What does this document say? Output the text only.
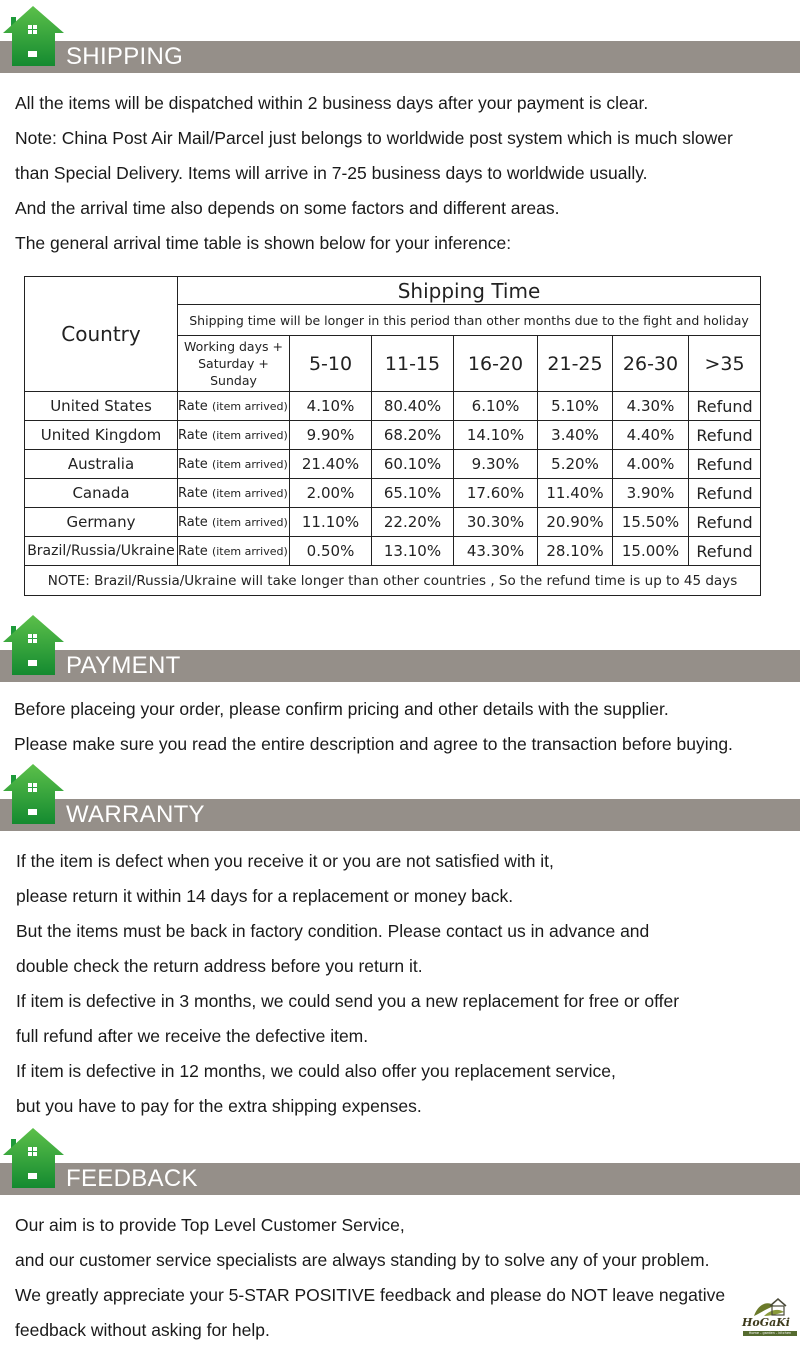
SHIPPING
All the items will be dispatched within 2 business days after your payment is clear.
Note: China Post Air Mail/Parcel just belongs to worldwide post system which is much slower
than Special Delivery. Items will arrive in 7-25 business days to worldwide usually.
And the arrival time also depends on some factors and different areas.
The general arrival time table is shown below for your inference:
Country	Shipping Time						
	Shipping time will be longer in this period than other months due to the fight and holiday						
	Working days + Saturday + Sunday	5-10	11-15	16-20	21-25	26-30	>35
United States	Rate (item arrived)	4.10%	80.40%	6.10%	5.10%	4.30%	Refund
United Kingdom	Rate (item arrived)	9.90%	68.20%	14.10%	3.40%	4.40%	Refund
Australia	Rate (item arrived)	21.40%	60.10%	9.30%	5.20%	4.00%	Refund
Canada	Rate (item arrived)	2.00%	65.10%	17.60%	11.40%	3.90%	Refund
Germany	Rate (item arrived)	11.10%	22.20%	30.30%	20.90%	15.50%	Refund
Brazil/Russia/Ukraine	Rate (item arrived)	0.50%	13.10%	43.30%	28.10%	15.00%	Refund
NOTE: Brazil/Russia/Ukraine will take longer than other countries , So the refund time is up to 45 days							
PAYMENT
Before placeing your order, please confirm pricing and other details with the supplier.
Please make sure you read the entire description and agree to the transaction before buying.
WARRANTY
If the item is defect when you receive it or you are not satisfied with it,
please return it within 14 days for a replacement or money back.
But the items must be back in factory condition. Please contact us in advance and
double check the return address before you return it.
If item is defective in 3 months, we could send you a new replacement for free or offer
full refund after we receive the defective item.
If item is defective in 12 months, we could also offer you replacement service,
but you have to pay for the extra shipping expenses.
FEEDBACK
Our aim is to provide Top Level Customer Service,
and our customer service specialists are always standing by to solve any of your problem.
We greatly appreciate your 5-STAR POSITIVE feedback and please do NOT leave negative
feedback without asking for help.	HoGaKi
Home - garden - kitchen
